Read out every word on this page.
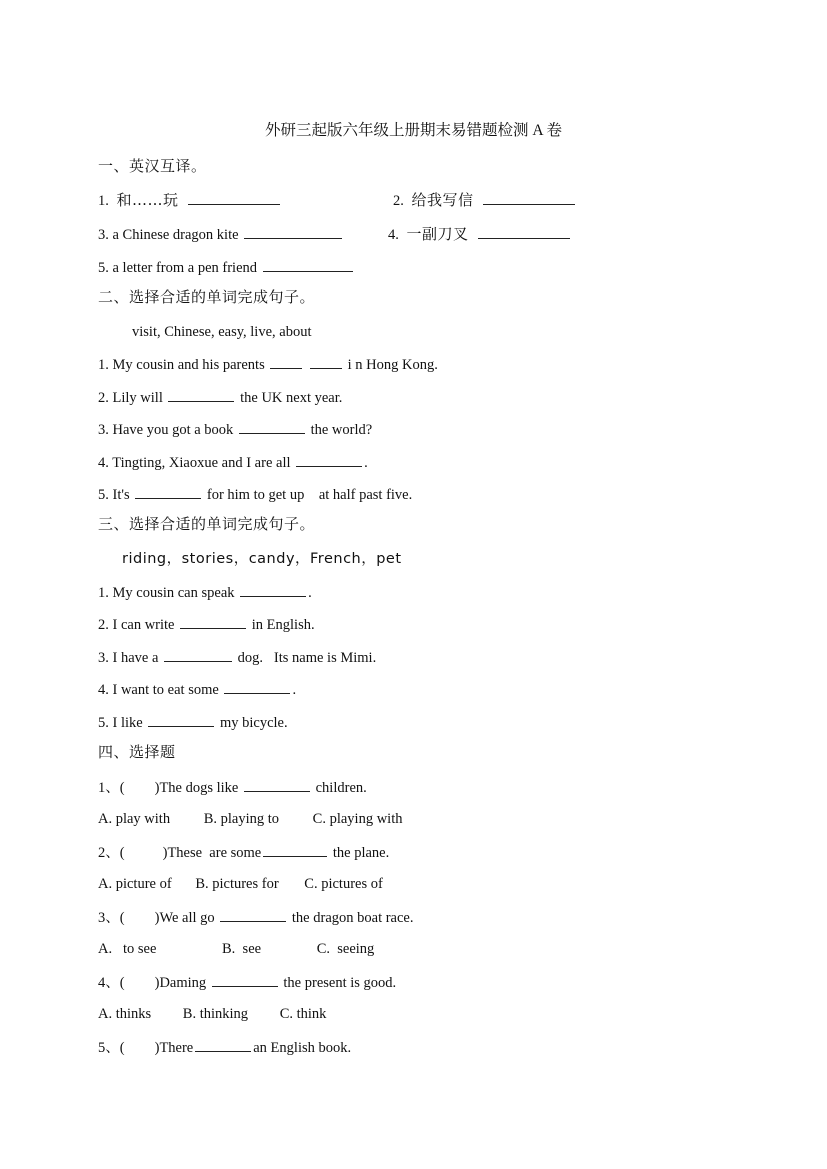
外研三起版六年级上册期末易错题检测 A 卷
一、英汉互译。
1. 和……玩	2. 给我写信
3. a Chinese dragon kite	4. 一副刀叉
5. a letter from a pen friend
二、选择合适的单词完成句子。
visit, Chinese, easy, live, about
1. My cousin and his parents	i n Hong Kong.
2. Lily will	the UK next year.
3. Have you got a book	the world?
4. Tingting, Xiaoxue and I are all	.
5. It's	for him to get up    at half past five.
三、选择合适的单词完成句子。
riding，stories，candy，French，pet
1. My cousin can speak	.
2. I can write	in English.
3. I have a	dog.   Its name is Mimi.
4. I want to eat some	.
5. I like	my bicycle.
四、选择题
1、( )The dogs like	children.
A. play with B. playing to C. playing with
2、(	)These  are some	the plane.
A. picture of B. pictures for C. pictures of
3、( )We all go	the dragon boat race.
A.   to see	B.  see	C.  seeing
4、( )Daming	the present is good.
A. thinks B. thinking C. think
5、( )There	an English book.
